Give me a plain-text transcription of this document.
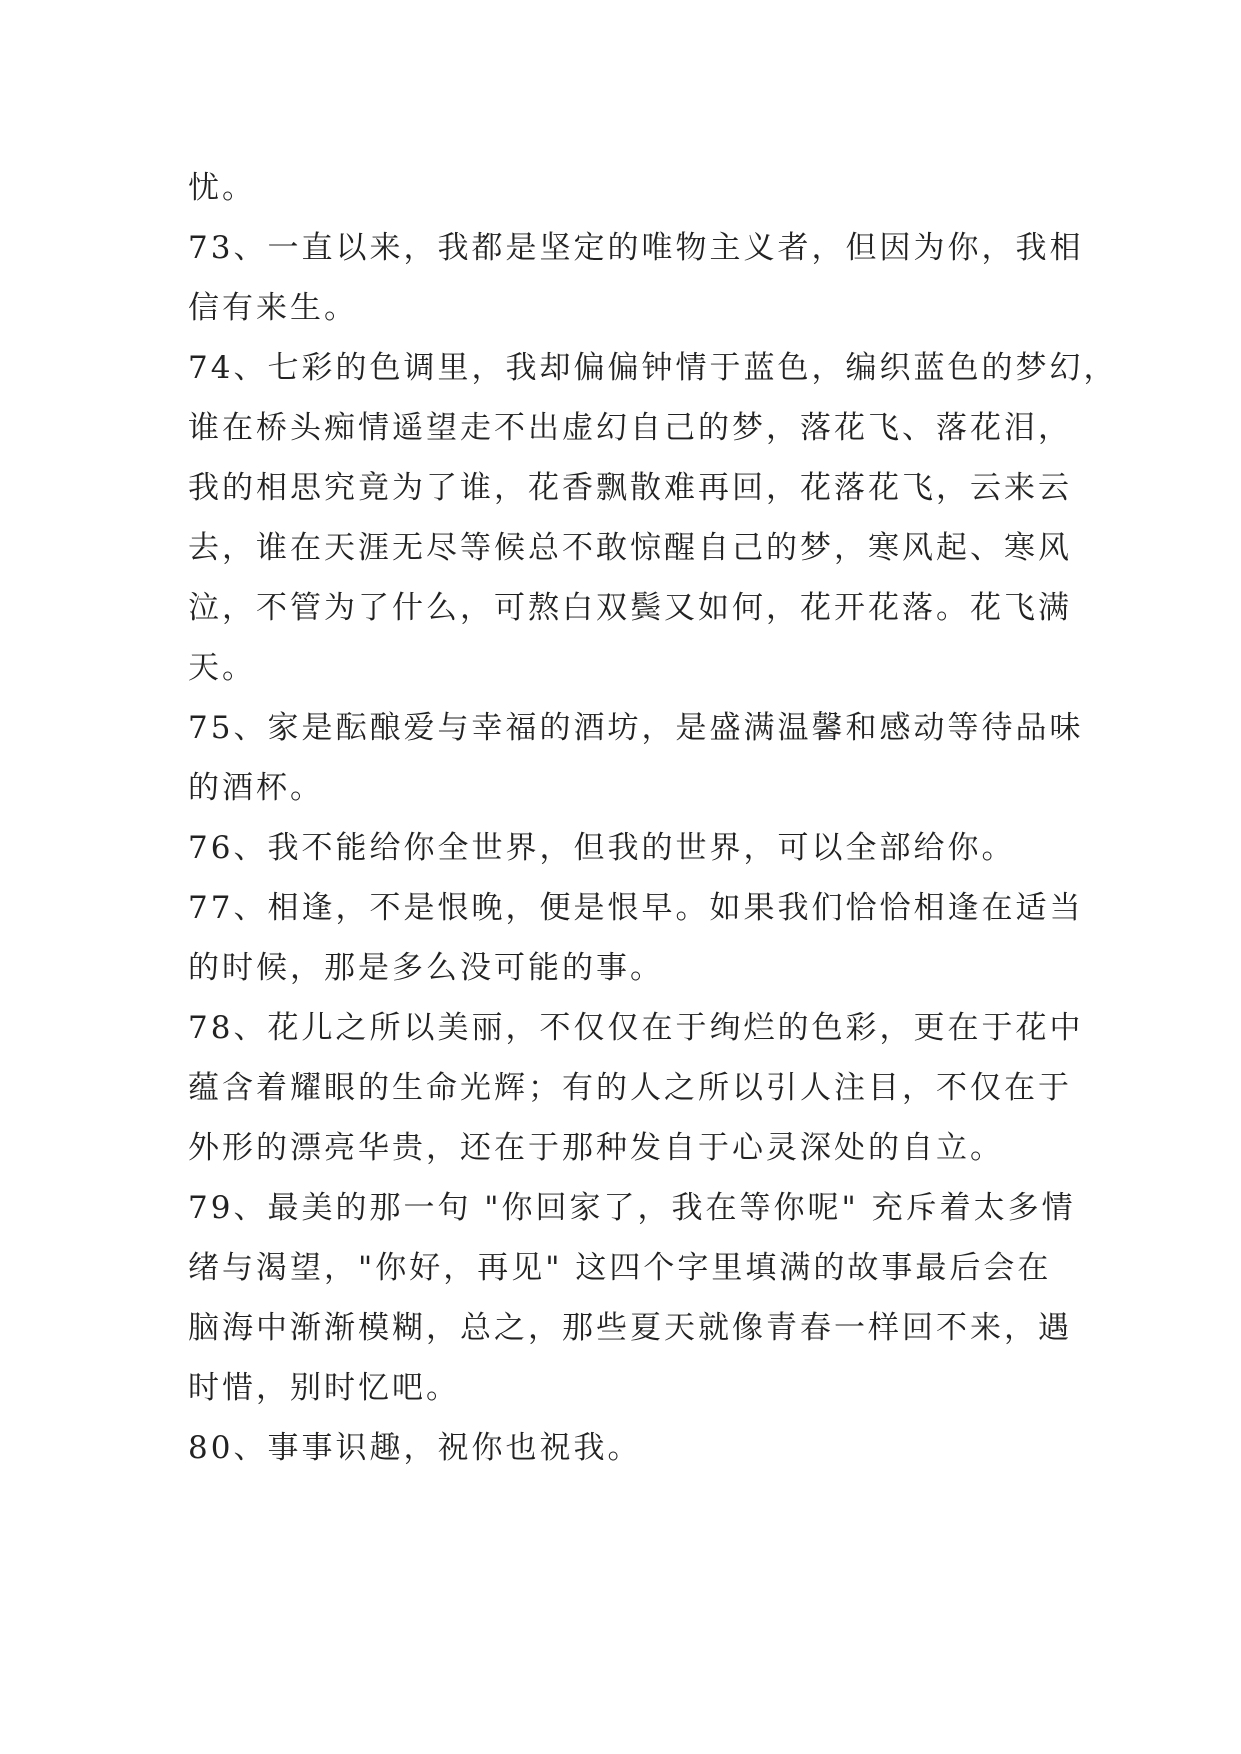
忧。
73、一直以来，我都是坚定的唯物主义者，但因为你，我相
信有来生。
74、七彩的色调里，我却偏偏钟情于蓝色，编织蓝色的梦幻，
谁在桥头痴情遥望走不出虚幻自己的梦，落花飞、落花泪，
我的相思究竟为了谁，花香飘散难再回，花落花飞，云来云
去，谁在天涯无尽等候总不敢惊醒自己的梦，寒风起、寒风
泣，不管为了什么，可熬白双鬓又如何，花开花落。花飞满
天。
75、家是酝酿爱与幸福的酒坊，是盛满温馨和感动等待品味
的酒杯。
76、我不能给你全世界，但我的世界，可以全部给你。
77、相逢，不是恨晚，便是恨早。如果我们恰恰相逢在适当
的时候，那是多么没可能的事。
78、花儿之所以美丽，不仅仅在于绚烂的色彩，更在于花中
蕴含着耀眼的生命光辉；有的人之所以引人注目，不仅在于
外形的漂亮华贵，还在于那种发自于心灵深处的自立。
79、最美的那一句 "你回家了，我在等你呢" 充斥着太多情
绪与渴望，"你好，再见" 这四个字里填满的故事最后会在
脑海中渐渐模糊，总之，那些夏天就像青春一样回不来，遇
时惜，别时忆吧。
80、事事识趣，祝你也祝我。
